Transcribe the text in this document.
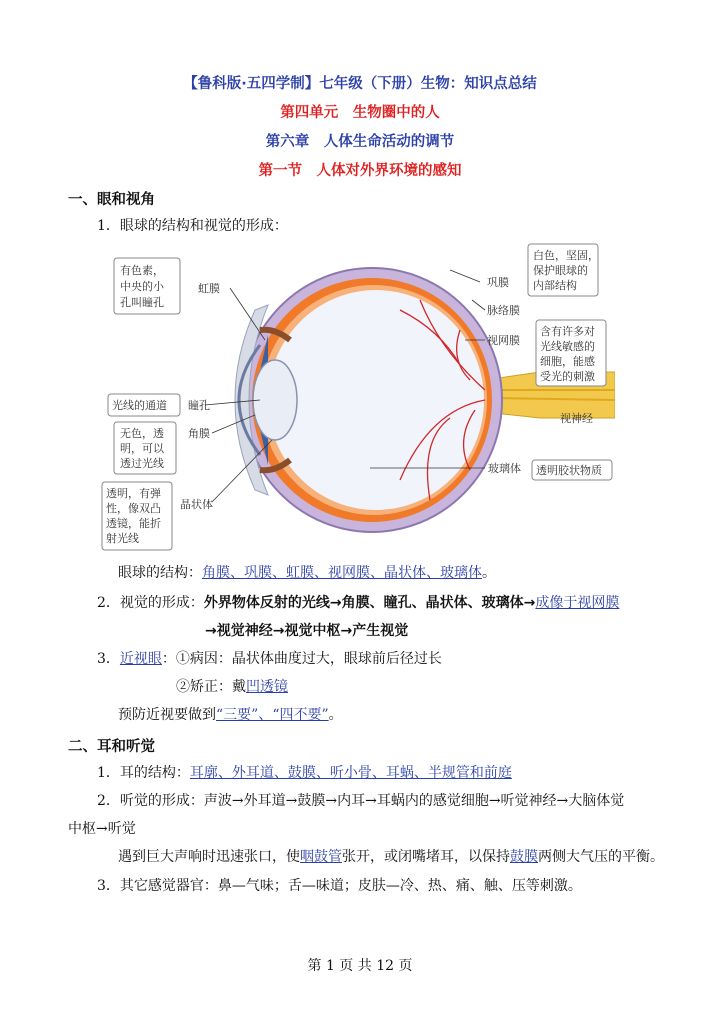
【鲁科版·五四学制】七年级（下册）生物：知识点总结
第四单元　生物圈中的人
第六章　人体生命活动的调节
第一节　人体对外界环境的感知
一、眼和视角
1．眼球的结构和视觉的形成：
有色素，
中央的小
孔叫瞳孔
虹膜
光线的通道 瞳孔
无色，透
明，可以
透过光线
角膜
透明，有弹
性，像双凸
透镜，能折
射光线
晶状体
巩膜
白色，坚固，
保护眼球的
内部结构
脉络膜
视网膜
含有许多对
光线敏感的
细胞，能感
受光的刺激
视神经
玻璃体 透明胶状物质
眼球的结构：角膜、巩膜、虹膜、视网膜、晶状体、玻璃体。
2．视觉的形成：外界物体反射的光线→角膜、瞳孔、晶状体、玻璃体→成像于视网膜
→视觉神经→视觉中枢→产生视觉
3．近视眼：①病因：晶状体曲度过大，眼球前后径过长
②矫正：戴凹透镜
预防近视要做到“三要”、“四不要”。
二、耳和听觉
1．耳的结构：耳廓、外耳道、鼓膜、听小骨、耳蜗、半规管和前庭
2．听觉的形成：声波→外耳道→鼓膜→内耳→耳蜗内的感觉细胞→听觉神经→大脑体觉
中枢→听觉
遇到巨大声响时迅速张口，使咽鼓管张开，或闭嘴堵耳，以保持鼓膜两侧大气压的平衡。
3．其它感觉器官：鼻—气味；舌—味道；皮肤—冷、热、痛、触、压等刺激。
第 1 页 共 12 页
